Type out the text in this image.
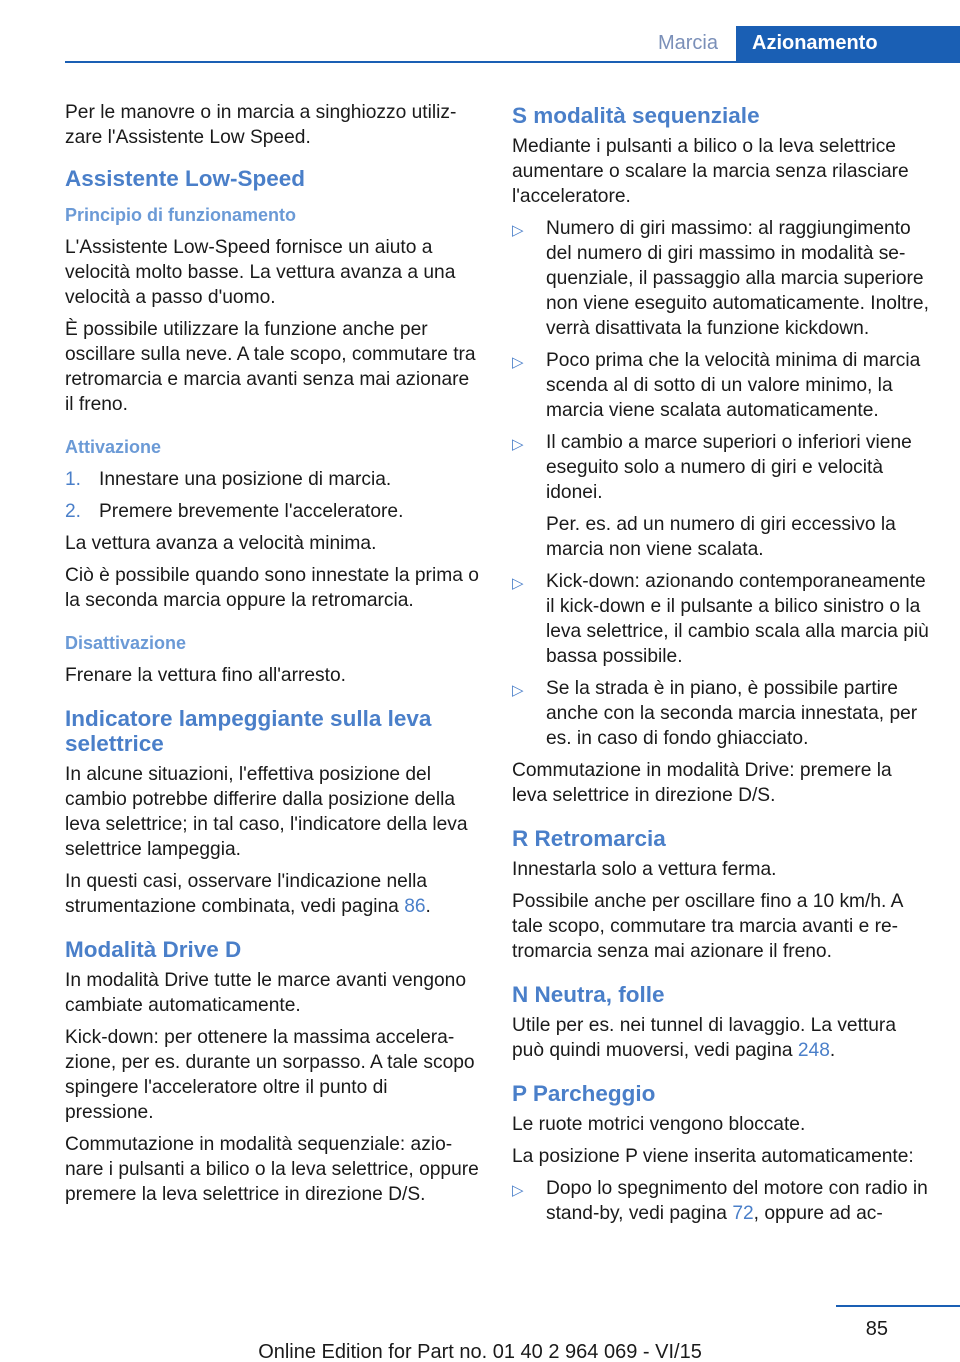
Marcia	Azionamento

Per le manovre o in marcia a singhiozzo utilizzare l'Assistente Low Speed.

Assistente Low-Speed
Principio di funzionamento

L'Assistente Low-Speed fornisce un aiuto a velocità molto basse. La vettura avanza a una velocità a passo d'uomo.

È possibile utilizzare la funzione anche per oscillare sulla neve. A tale scopo, commutare tra retromarcia e marcia avanti senza mai azionare il freno.

Attivazione
1. Innestare una posizione di marcia.
2. Premere brevemente l'acceleratore.

La vettura avanza a velocità minima.

Ciò è possibile quando sono innestate la prima o la seconda marcia oppure la retromarcia.

Disattivazione

Frenare la vettura fino all'arresto.

Indicatore lampeggiante sulla leva selettrice

In alcune situazioni, l'effettiva posizione del cambio potrebbe differire dalla posizione della leva selettrice; in tal caso, l'indicatore della leva selettrice lampeggia.

In questi casi, osservare l'indicazione nella strumentazione combinata, vedi pagina 86.

Modalità Drive D

In modalità Drive tutte le marce avanti vengono cambiate automaticamente.

Kick-down: per ottenere la massima accelerazione, per es. durante un sorpasso. A tale scopo spingere l'acceleratore oltre il punto di pressione.

Commutazione in modalità sequenziale: azionare i pulsanti a bilico o la leva selettrice, oppure premere la leva selettrice in direzione D/S.

S modalità sequenziale

Mediante i pulsanti a bilico o la leva selettrice aumentare o scalare la marcia senza rilasciare l'acceleratore.

▷	Numero di giri massimo: al raggiungimento del numero di giri massimo in modalità sequenziale, il passaggio alla marcia superiore non viene eseguito automaticamente. Inoltre, verrà disattivata la funzione kickdown.
▷	Poco prima che la velocità minima di marcia scenda al di sotto di un valore minimo, la marcia viene scalata automaticamente.
▷	Il cambio a marce superiori o inferiori viene eseguito solo a numero di giri e velocità idonei.
Per. es. ad un numero di giri eccessivo la marcia non viene scalata.
▷	Kick-down: azionando contemporaneamente il kick-down e il pulsante a bilico sinistro o la leva selettrice, il cambio scala alla marcia più bassa possibile.
▷	Se la strada è in piano, è possibile partire anche con la seconda marcia innestata, per es. in caso di fondo ghiacciato.

Commutazione in modalità Drive: premere la leva selettrice in direzione D/S.

R Retromarcia

Innestarla solo a vettura ferma.

Possibile anche per oscillare fino a 10 km/h. A tale scopo, commutare tra marcia avanti e retromarcia senza mai azionare il freno.

N Neutra, folle

Utile per es. nei tunnel di lavaggio. La vettura può quindi muoversi, vedi pagina 248.

P Parcheggio

Le ruote motrici vengono bloccate.

La posizione P viene inserita automaticamente:

▷	Dopo lo spegnimento del motore con radio in stand-by, vedi pagina 72, oppure ad ac-
85
Online Edition for Part no. 01 40 2 964 069 - VI/15
